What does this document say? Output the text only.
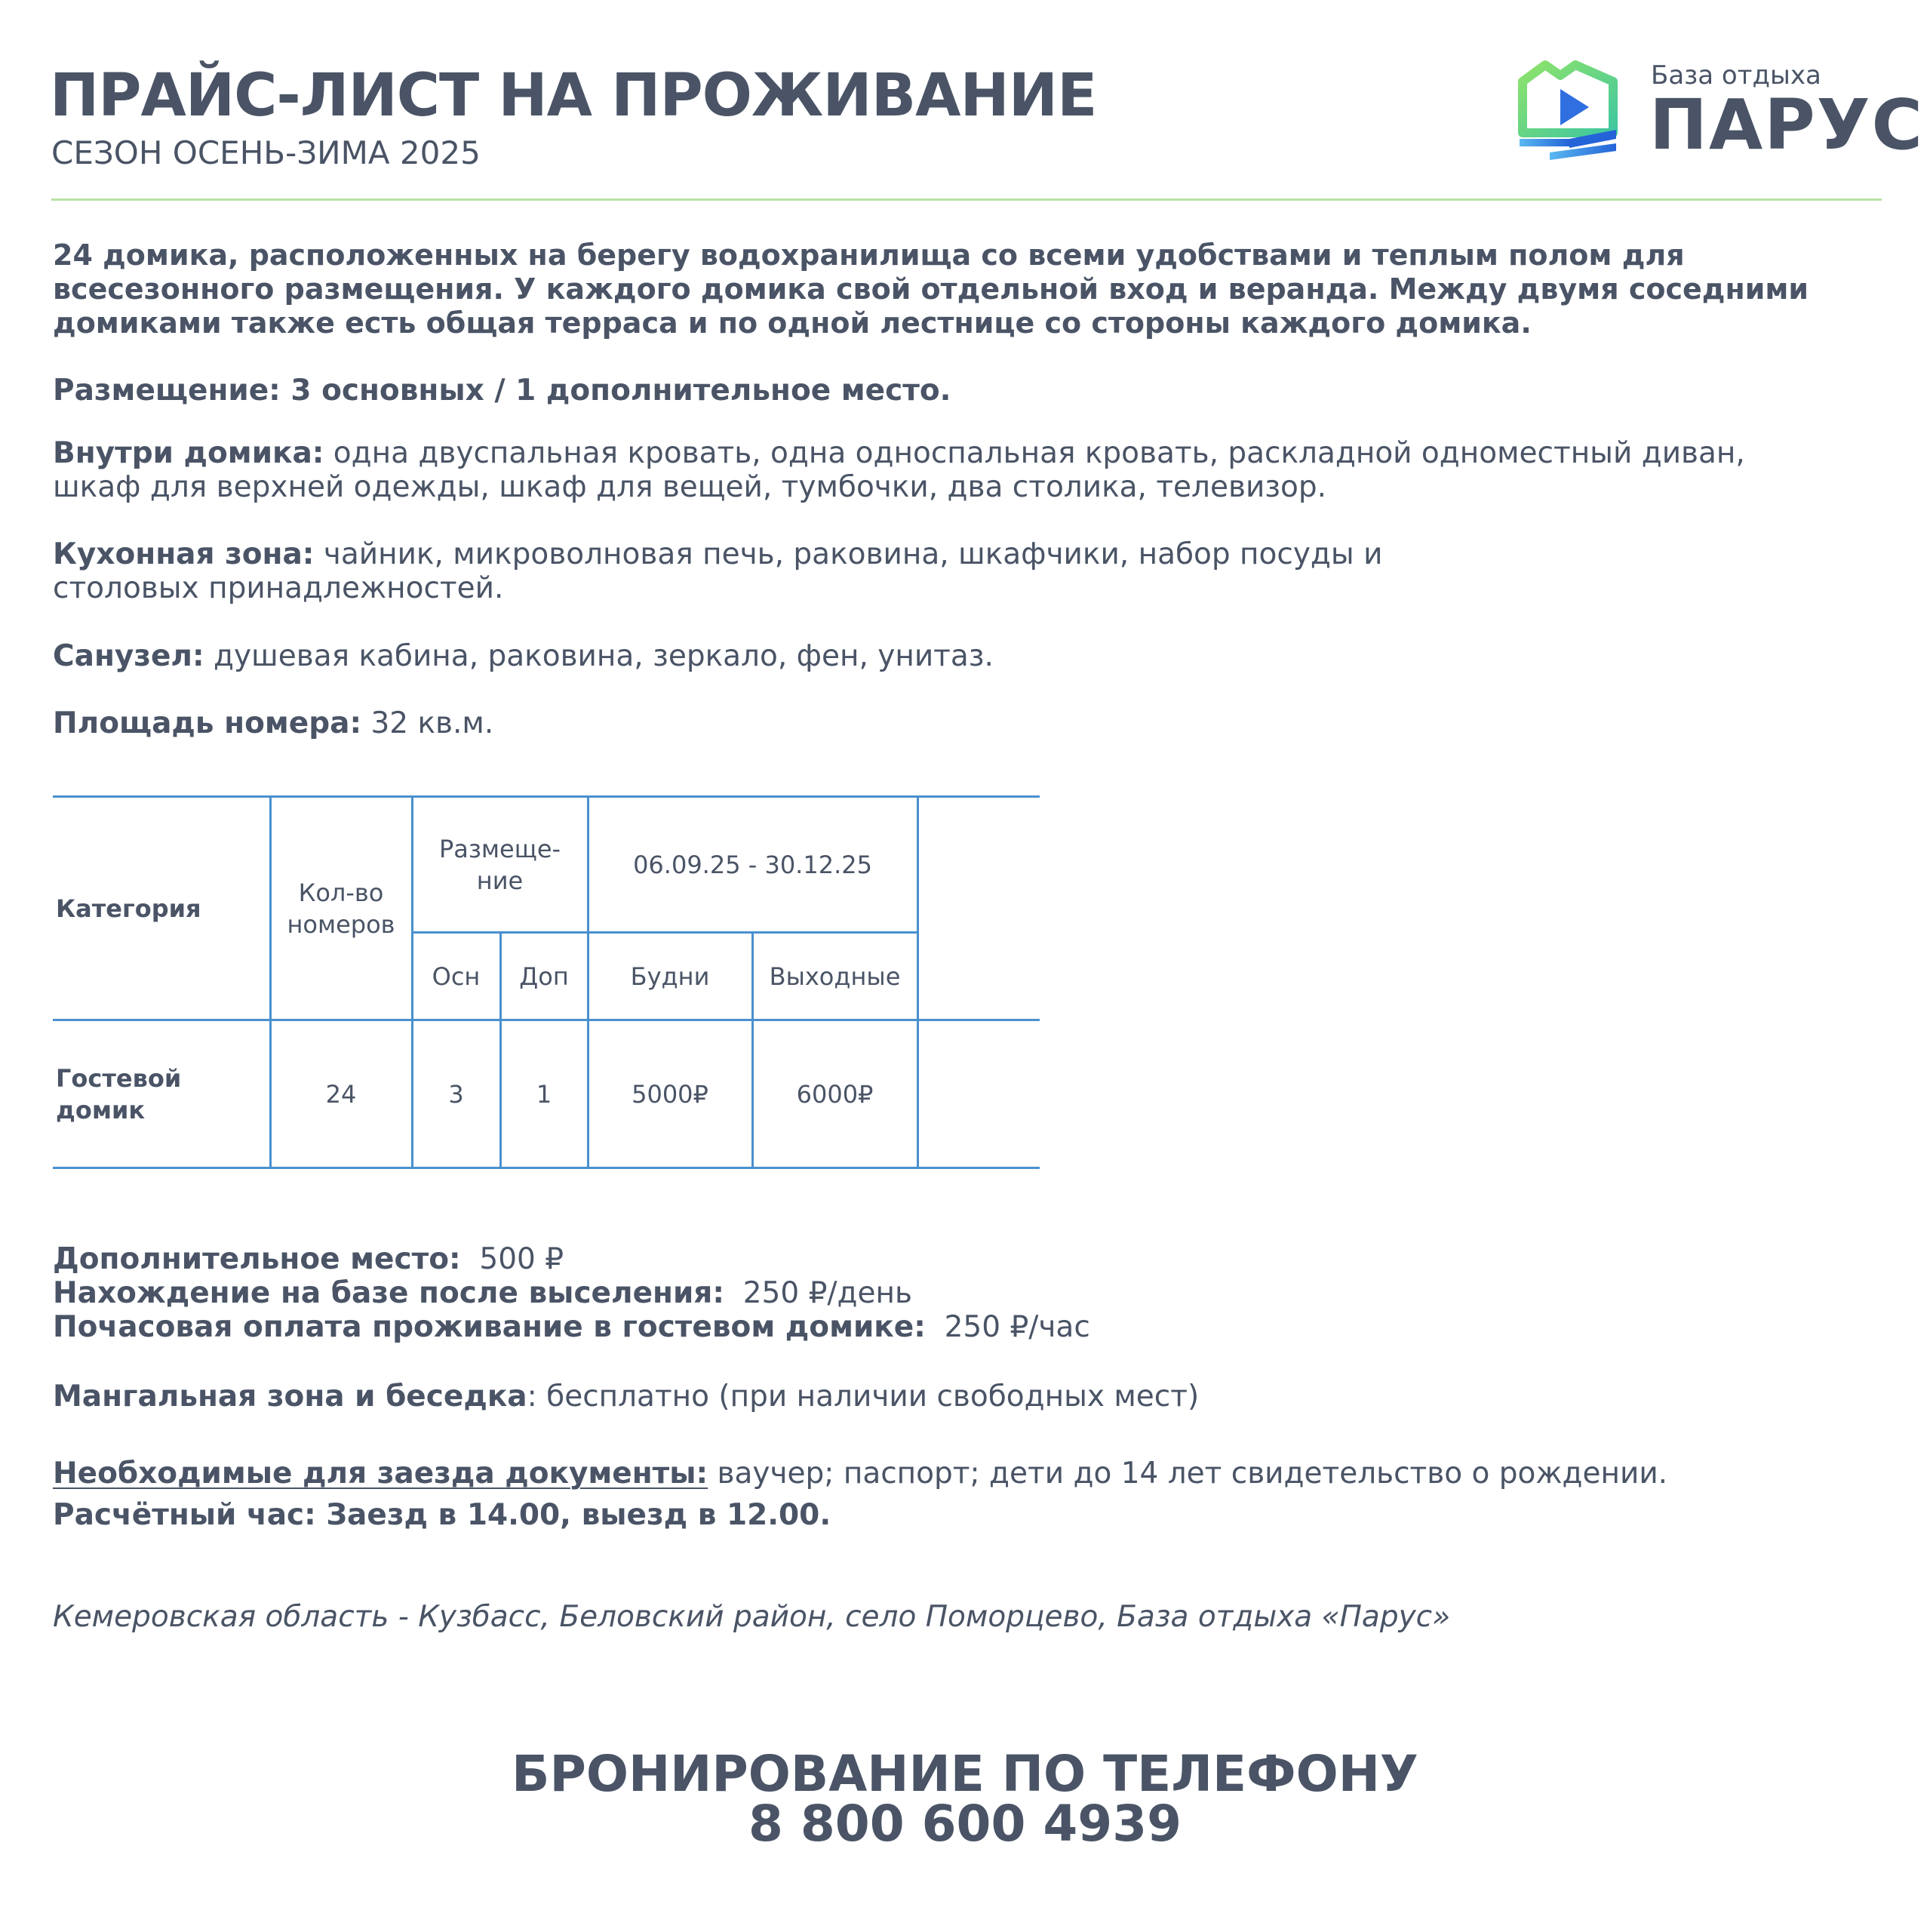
ПРАЙС-ЛИСТ НА ПРОЖИВАНИЕ
СЕЗОН ОСЕНЬ-ЗИМА 2025
База отдыха
ПАРУС
24 домика, расположенных на берегу водохранилища со всеми удобствами и теплым полом для всесезонного размещения. У каждого домика свой отдельной вход и веранда. Между двумя соседними домиками также есть общая терраса и по одной лестнице со стороны каждого домика.
Размещение: 3 основных / 1 дополнительное место.
Внутри домика: одна двуспальная кровать, одна односпальная кровать, раскладной одноместный диван, шкаф для верхней одежды, шкаф для вещей, тумбочки, два столика, телевизор.
Кухонная зона: чайник, микроволновая печь, раковина, шкафчики, набор посуды и столовых принадлежностей.
Санузел: душевая кабина, раковина, зеркало, фен, унитаз.
Площадь номера: 32 кв.м.
Категория	Кол-во номеров	Размеще-ние		06.09.25 - 30.12.25		
		Осн	Доп	Будни	Выходные	
Гостевой домик	24	3	1	5000₽	6000₽	
Дополнительное место:  500 ₽
Нахождение на базе после выселения:  250 ₽/день
Почасовая оплата проживание в гостевом домике:  250 ₽/час
Мангальная зона и беседка: бесплатно (при наличии свободных мест)
Необходимые для заезда документы: ваучер; паспорт; дети до 14 лет свидетельство о рождении.
Расчётный час: Заезд в 14.00, выезд в 12.00.
Кемеровская область - Кузбасс, Беловский район, село Поморцево, База отдыха «Парус»
БРОНИРОВАНИЕ ПО ТЕЛЕФОНУ
8 800 600 4939
